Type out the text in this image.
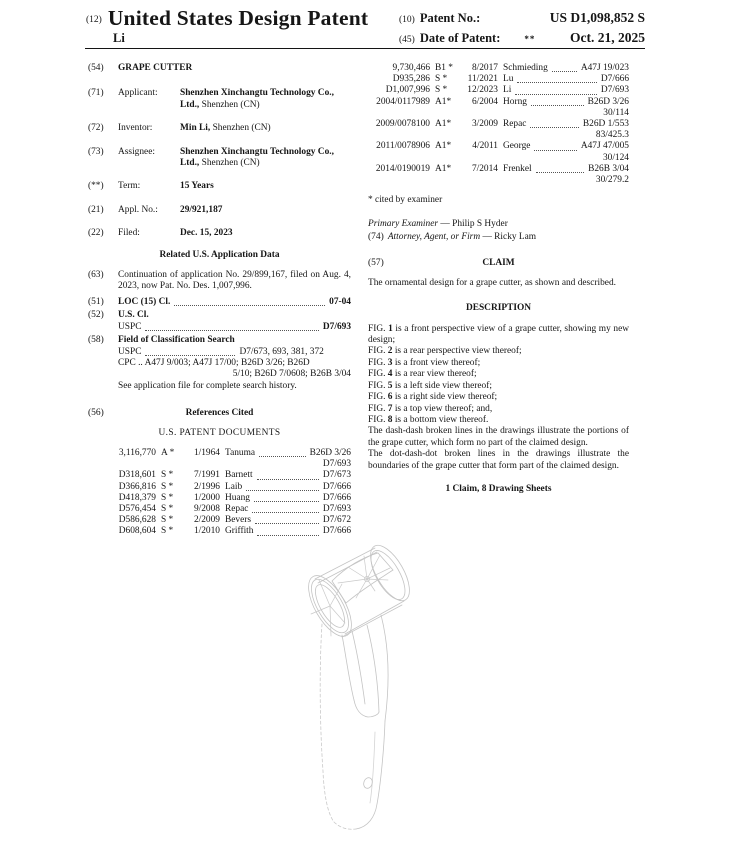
(12) United States Design Patent
Li
(10) Patent No.:	US D1,098,852 S
(45) Date of Patent:	**	Oct. 21, 2025
(54)	GRAPE CUTTER
(71)	Applicant:	Shenzhen Xinchangtu Technology Co., Ltd., Shenzhen (CN)
(72)	Inventor:	Min Li, Shenzhen (CN)
(73)	Assignee:	Shenzhen Xinchangtu Technology Co., Ltd., Shenzhen (CN)
(**)	Term:	15 Years
(21)	Appl. No.:	29/921,187
(22)	Filed:	Dec. 15, 2023
Related U.S. Application Data
(63)	Continuation of application No. 29/899,167, filed on Aug. 4, 2023, now Pat. No. Des. 1,007,996.

(51)	LOC (15) Cl.	07-04
(52)	U.S. Cl.
USPC	D7/693
(58)	Field of Classification Search
USPC	D7/673, 693, 381, 372
CPC .. A47J 9/003; A47J 17/00; B26D 3/26; B26D
5/10; B26D 7/0608; B26B 3/04
See application file for complete search history.
(56)	References Cited

U.S. PATENT DOCUMENTS

3,116,770 A *	1/1964 Tanuma	B26D 3/26
D7/693
D318,601 S *	7/1991 Barnett	D7/673
D366,816 S *	2/1996 Laib	D7/666
D418,379 S *	1/2000 Huang	D7/666
D576,454 S *	9/2008 Repac	D7/693
D586,628 S *	2/2009 Bevers	D7/672
D608,604 S *	1/2010 Griffith	D7/666
9,730,466 B1 *	8/2017 Schmieding	A47J 19/023
D935,286 S *	11/2021 Lu	D7/666
D1,007,996 S *	12/2023 Li	D7/693
2004/0117989 A1*	6/2004 Horng	B26D 3/26
30/114
2009/0078100 A1*	3/2009 Repac	B26D 1/553
83/425.3
2011/0078906 A1*	4/2011 George	A47J 47/005
30/124
2014/0190019 A1*	7/2014 Frenkel	B26B 3/04
30/279.2

* cited by examiner

Primary Examiner — Philip S Hyder

(74) Attorney, Agent, or Firm — Ricky Lam

(57)	CLAIM

The ornamental design for a grape cutter, as shown and described.

DESCRIPTION

FIG. 1 is a front perspective view of a grape cutter, showing my new design;

FIG. 2 is a rear perspective view thereof;

FIG. 3 is a front view thereof;

FIG. 4 is a rear view thereof;

FIG. 5 is a left side view thereof;

FIG. 6 is a right side view thereof;

FIG. 7 is a top view thereof; and,

FIG. 8 is a bottom view thereof.

The dash-dash broken lines in the drawings illustrate the portions of the grape cutter, which form no part of the claimed design.

The dot-dash-dot broken lines in the drawings illustrate the boundaries of the grape cutter that form part of the claimed design.

1 Claim, 8 Drawing Sheets
